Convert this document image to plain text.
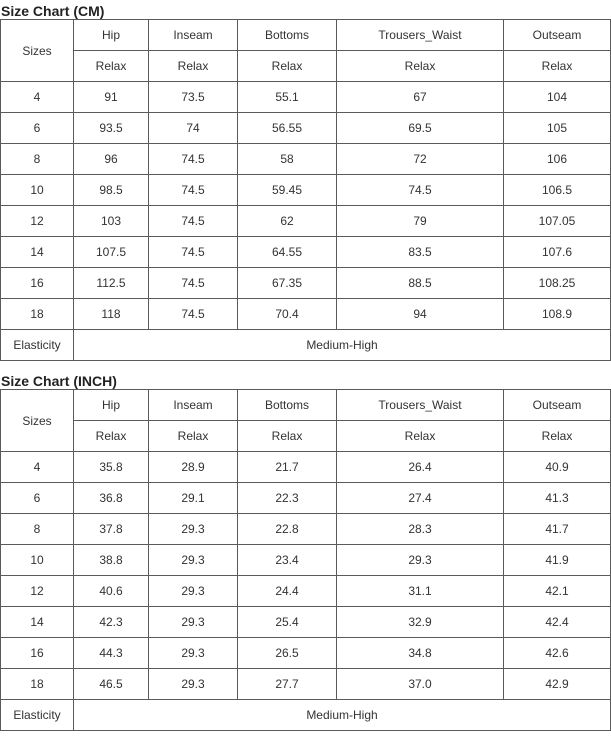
Size Chart (CM)
Sizes	Hip	Inseam	Bottoms	Trousers_Waist	Outseam
	Relax	Relax	Relax	Relax	Relax
4	91	73.5	55.1	67	104
6	93.5	74	56.55	69.5	105
8	96	74.5	58	72	106
10	98.5	74.5	59.45	74.5	106.5
12	103	74.5	62	79	107.05
14	107.5	74.5	64.55	83.5	107.6
16	112.5	74.5	67.35	88.5	108.25
18	118	74.5	70.4	94	108.9
Elasticity	Medium-High				
Size Chart (INCH)
Sizes	Hip	Inseam	Bottoms	Trousers_Waist	Outseam
	Relax	Relax	Relax	Relax	Relax
4	35.8	28.9	21.7	26.4	40.9
6	36.8	29.1	22.3	27.4	41.3
8	37.8	29.3	22.8	28.3	41.7
10	38.8	29.3	23.4	29.3	41.9
12	40.6	29.3	24.4	31.1	42.1
14	42.3	29.3	25.4	32.9	42.4
16	44.3	29.3	26.5	34.8	42.6
18	46.5	29.3	27.7	37.0	42.9
Elasticity	Medium-High				
